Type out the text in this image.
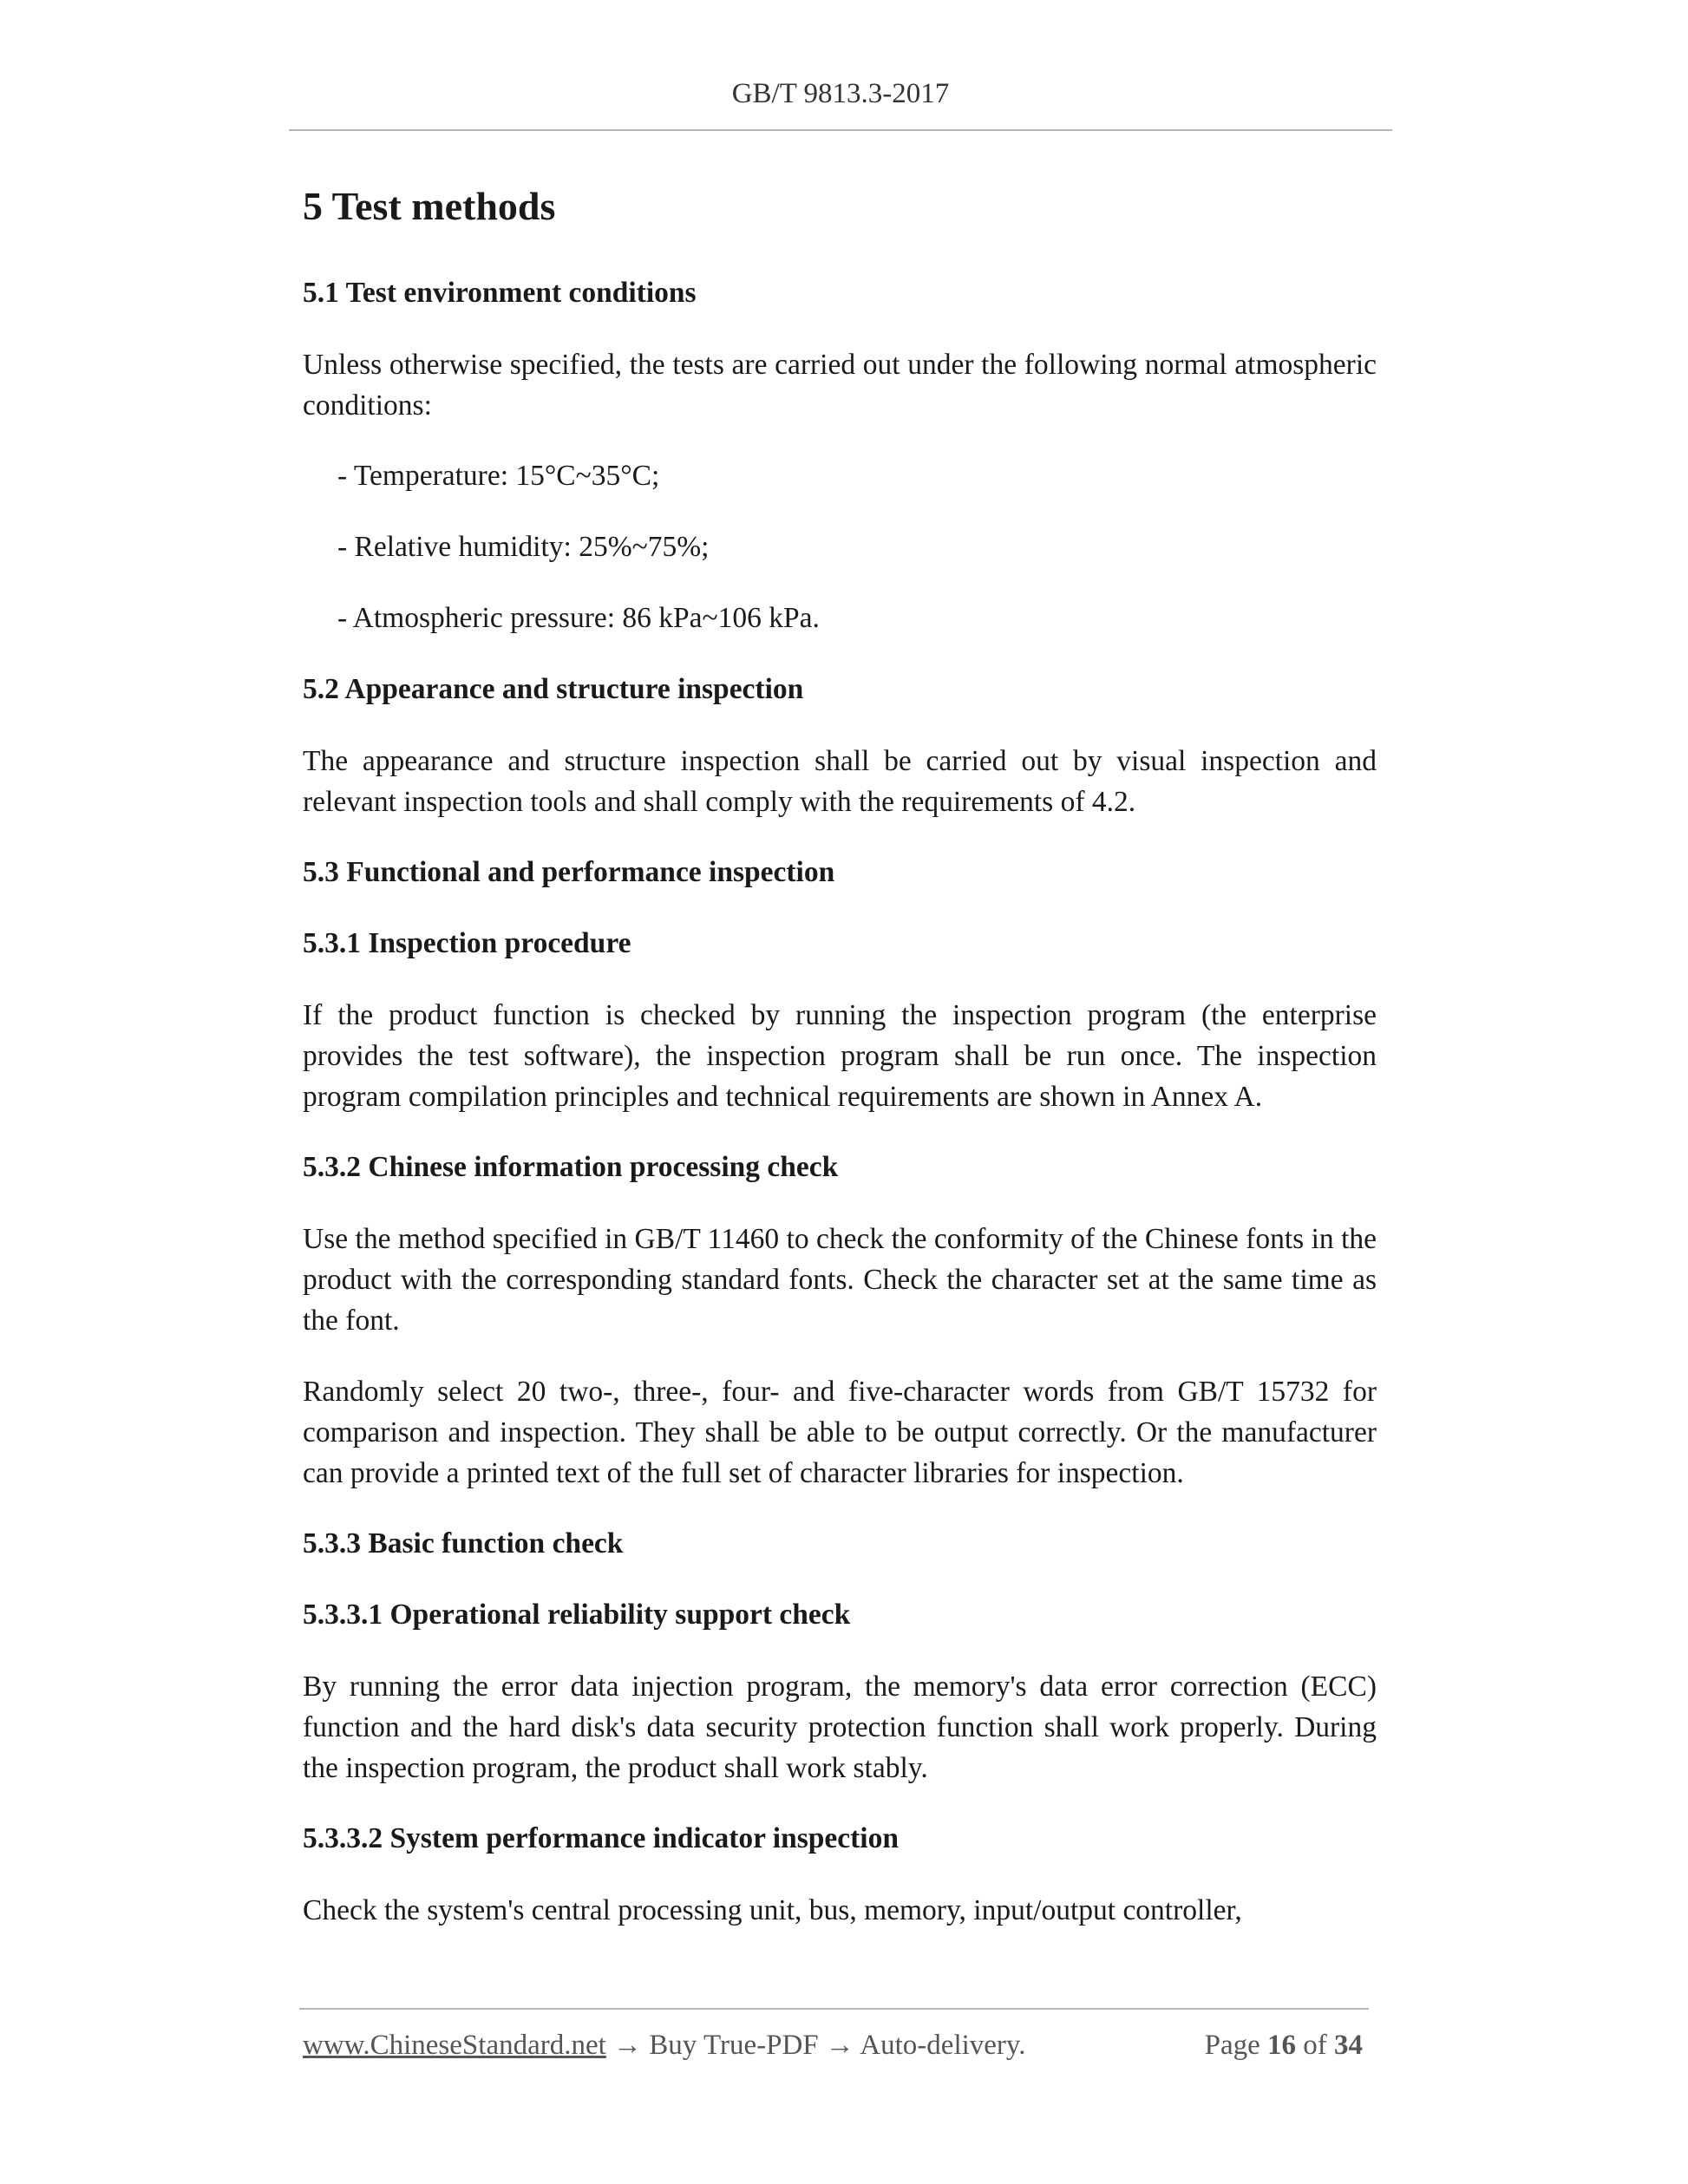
GB/T 9813.3-2017
5 Test methods
5.1 Test environment conditions
Unless otherwise specified, the tests are carried out under the following normal atmospheric conditions:
- Temperature: 15°C~35°C;
- Relative humidity: 25%~75%;
- Atmospheric pressure: 86 kPa~106 kPa.
5.2 Appearance and structure inspection
The appearance and structure inspection shall be carried out by visual inspection and relevant inspection tools and shall comply with the requirements of 4.2.
5.3 Functional and performance inspection
5.3.1 Inspection procedure
If the product function is checked by running the inspection program (the enterprise provides the test software), the inspection program shall be run once. The inspection program compilation principles and technical requirements are shown in Annex A.
5.3.2 Chinese information processing check
Use the method specified in GB/T 11460 to check the conformity of the Chinese fonts in the product with the corresponding standard fonts. Check the character set at the same time as the font.
Randomly select 20 two-, three-, four- and five-character words from GB/T 15732 for comparison and inspection. They shall be able to be output correctly. Or the manufacturer can provide a printed text of the full set of character libraries for inspection.
5.3.3 Basic function check
5.3.3.1 Operational reliability support check
By running the error data injection program, the memory's data error correction (ECC) function and the hard disk's data security protection function shall work properly. During the inspection program, the product shall work stably.
5.3.3.2 System performance indicator inspection
Check the system's central processing unit, bus, memory, input/output controller,
www.ChineseStandard.net → Buy True-PDF → Auto-delivery.	Page 16 of 34
